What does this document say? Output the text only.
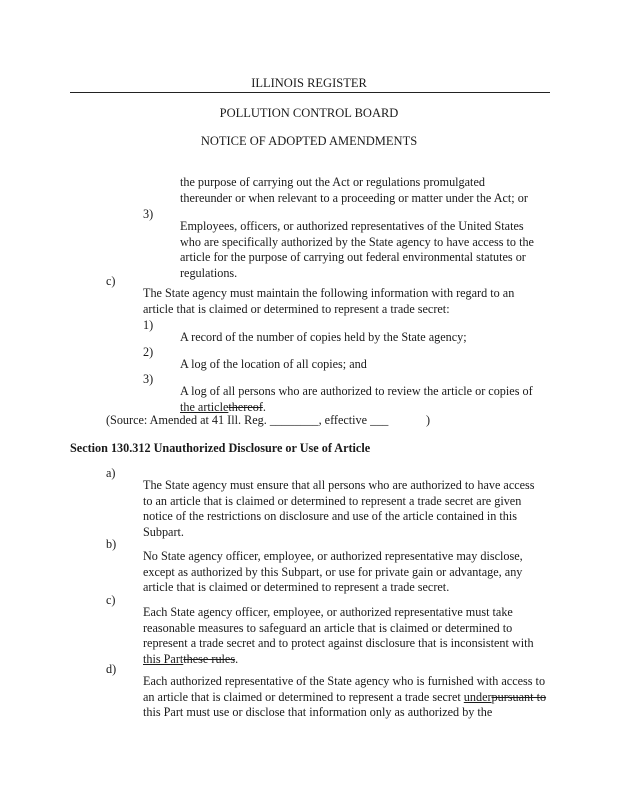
ILLINOIS REGISTER
POLLUTION CONTROL BOARD
NOTICE OF ADOPTED AMENDMENTS

the purpose of carrying out the Act or regulations promulgated thereunder or when relevant to a proceeding or matter under the Act; or

3)

Employees, officers, or authorized representatives of the United States who are specifically authorized by the State agency to have access to the article for the purpose of carrying out federal environmental statutes or regulations.

c)

The State agency must maintain the following information with regard to an article that is claimed or determined to represent a trade secret:

1)

A record of the number of copies held by the State agency;

2)

A log of the location of all copies; and

3)

A log of all persons who are authorized to review the article or copies of the articlethereof.

(Source: Amended at 41 Ill. Reg. ________, effective ___	)
Section 130.312 Unauthorized Disclosure or Use of Article
a)

The State agency must ensure that all persons who are authorized to have access to an article that is claimed or determined to represent a trade secret are given notice of the restrictions on disclosure and use of the article contained in this Subpart.

b)

No State agency officer, employee, or authorized representative may disclose, except as authorized by this Subpart, or use for private gain or advantage, any article that is claimed or determined to represent a trade secret.

c)

Each State agency officer, employee, or authorized representative must take reasonable measures to safeguard an article that is claimed or determined to represent a trade secret and to protect against disclosure that is inconsistent with this Partthese rules.

d)

Each authorized representative of the State agency who is furnished with access to an article that is claimed or determined to represent a trade secret underpursuant to this Part must use or disclose that information only as authorized by the
